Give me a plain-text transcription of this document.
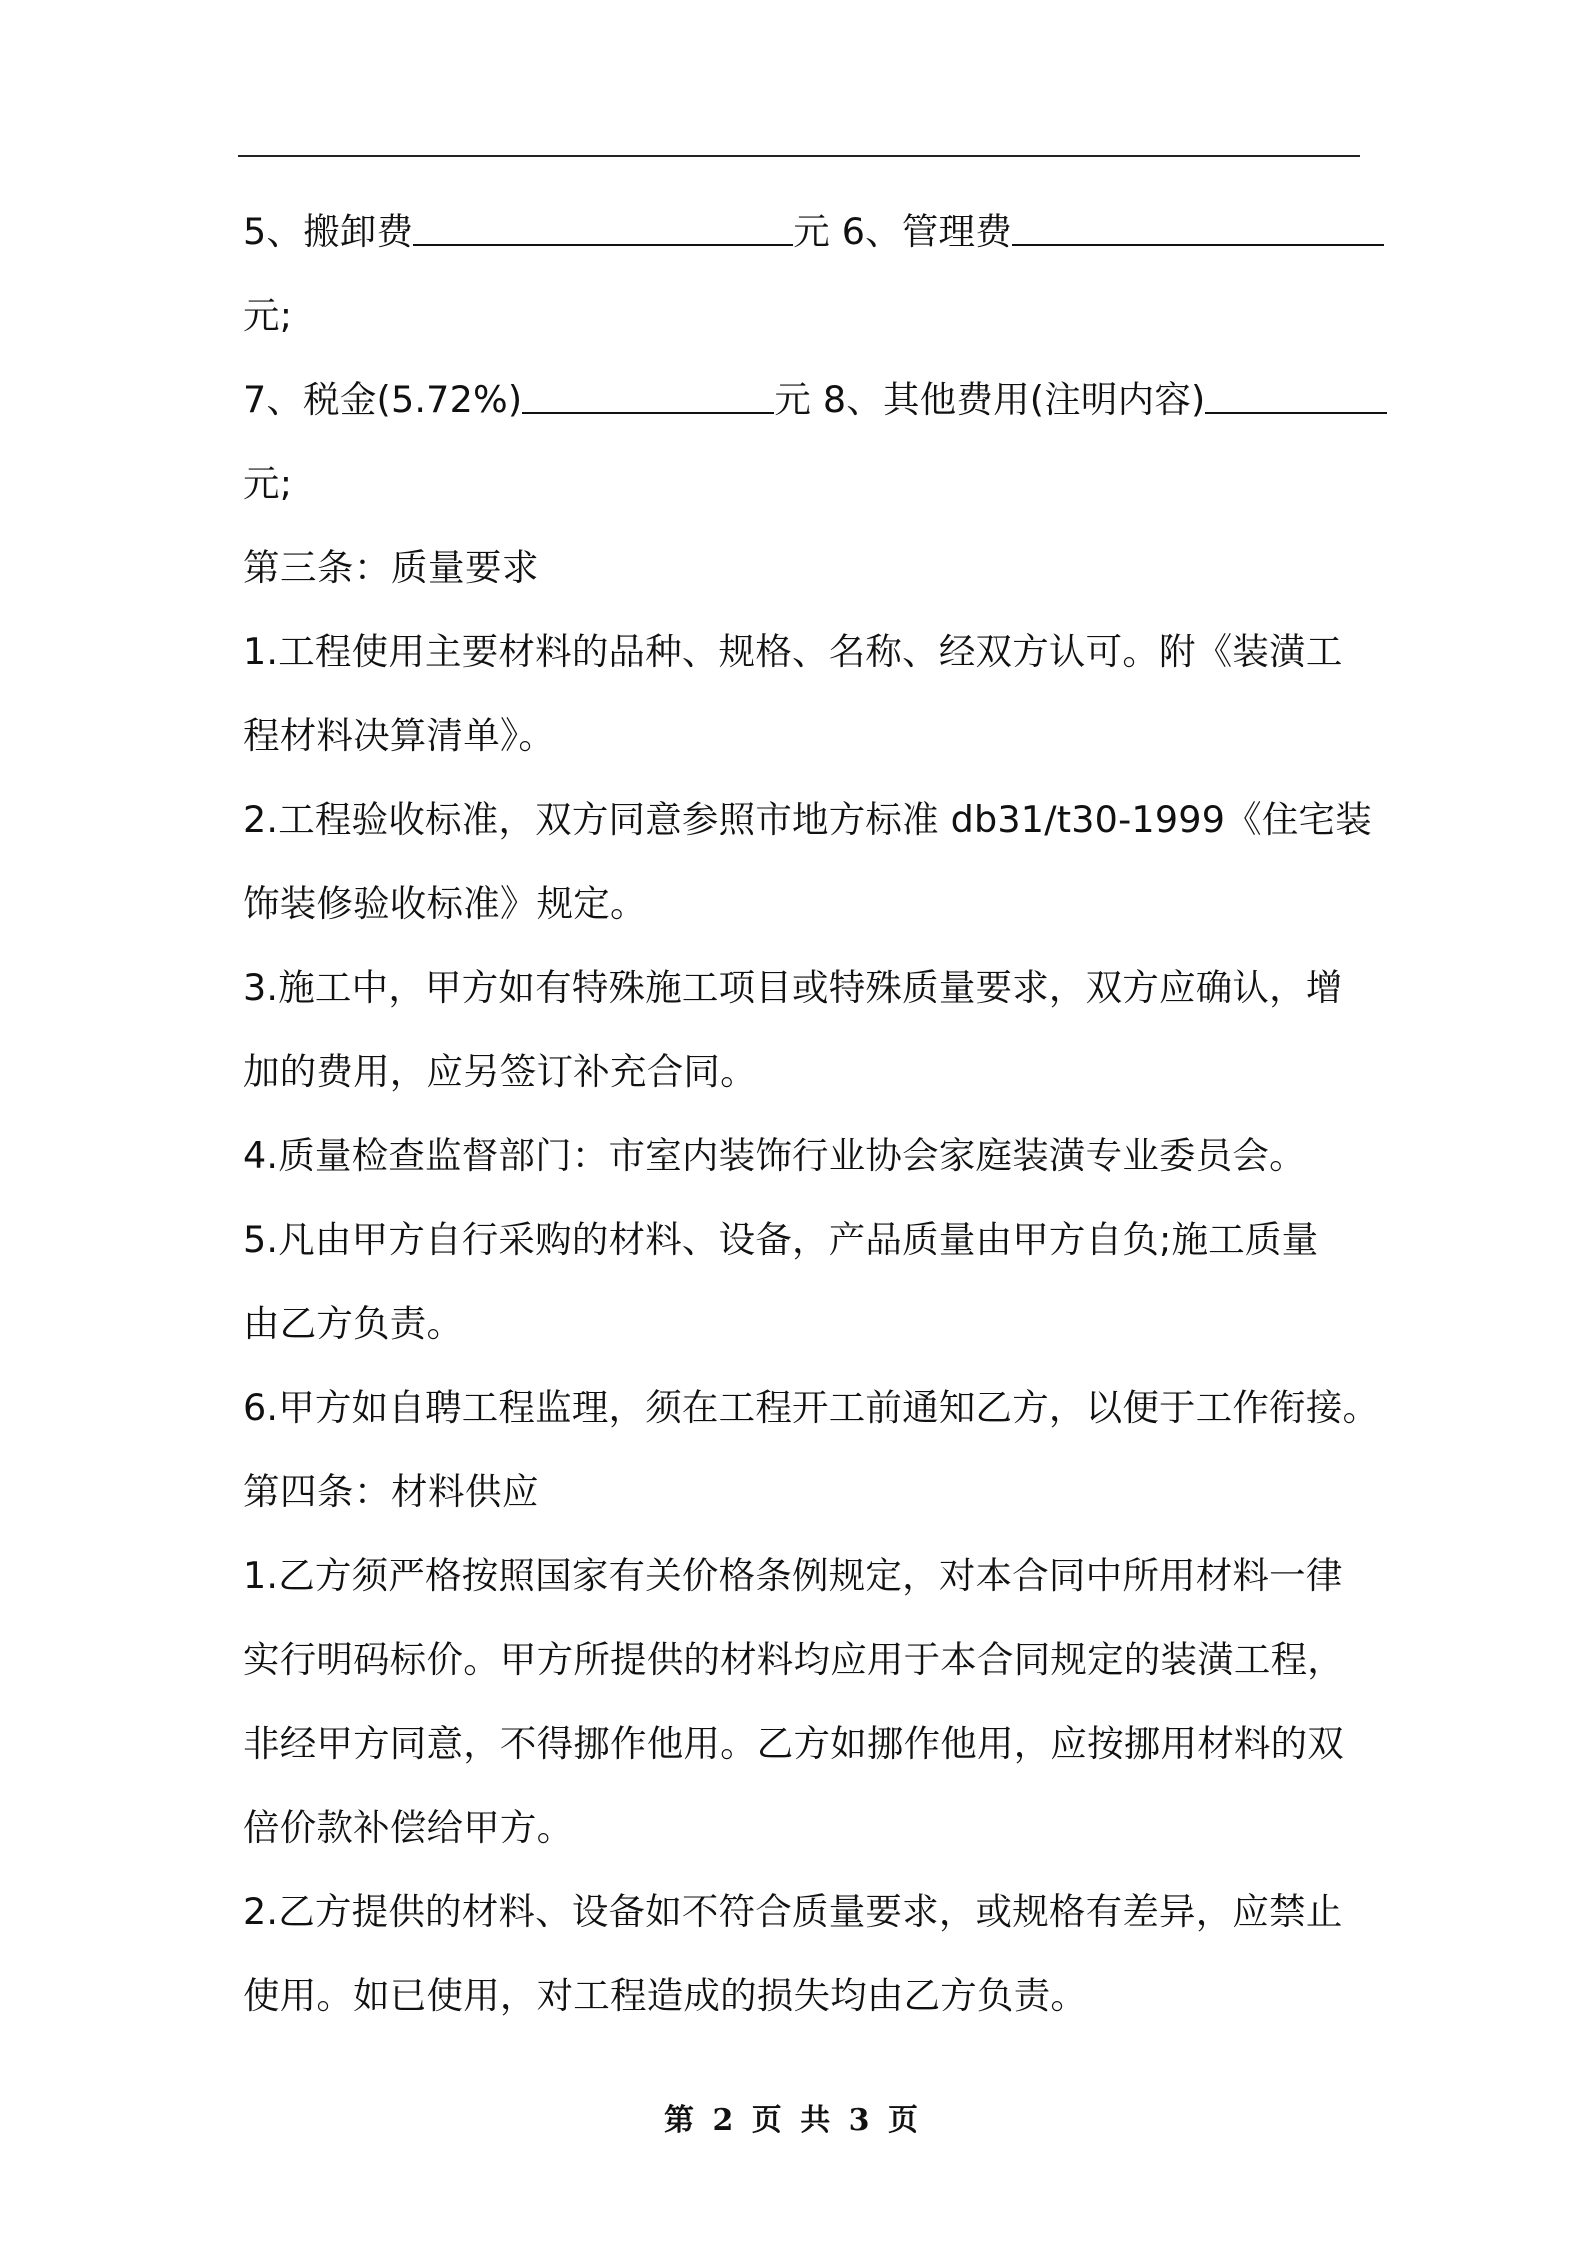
5、搬卸费	元 6、管理费
元;
7、税金(5.72%)	元 8、其他费用(注明内容)
元;
第三条：质量要求
1.工程使用主要材料的品种、规格、名称、经双方认可。附《装潢工
程材料决算清单》。
2.工程验收标准，双方同意参照市地方标准 db31/t30-1999《住宅装
饰装修验收标准》规定。
3.施工中，甲方如有特殊施工项目或特殊质量要求，双方应确认，增
加的费用，应另签订补充合同。
4.质量检查监督部门：市室内装饰行业协会家庭装潢专业委员会。
5.凡由甲方自行采购的材料、设备，产品质量由甲方自负;施工质量
由乙方负责。
6.甲方如自聘工程监理，须在工程开工前通知乙方，以便于工作衔接。
第四条：材料供应
1.乙方须严格按照国家有关价格条例规定，对本合同中所用材料一律
实行明码标价。甲方所提供的材料均应用于本合同规定的装潢工程，
非经甲方同意，不得挪作他用。乙方如挪作他用，应按挪用材料的双
倍价款补偿给甲方。
2.乙方提供的材料、设备如不符合质量要求，或规格有差异，应禁止
使用。如已使用，对工程造成的损失均由乙方负责。
第 2 页 共 3 页
